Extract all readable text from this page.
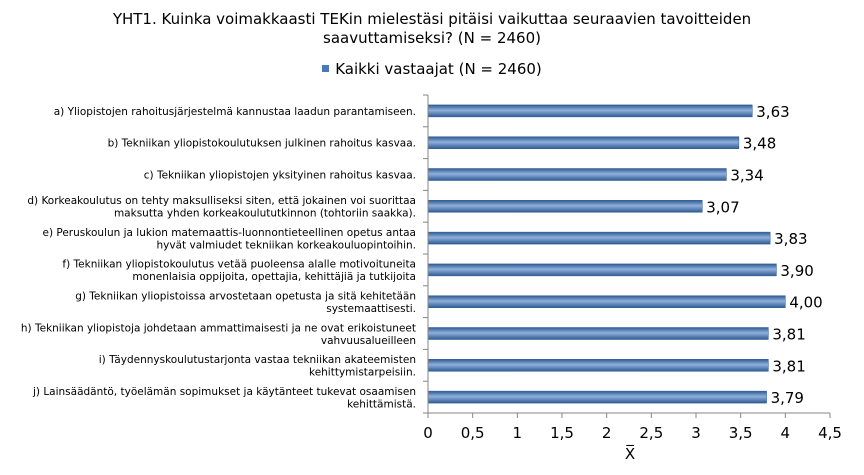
YHT1. Kuinka voimakkaasti TEKin mielestäsi pitäisi vaikuttaa seuraavien tavoitteiden
saavuttamiseksi? (N = 2460)
Kaikki vastaajat (N = 2460)
3,63
a) Yliopistojen rahoitusjärjestelmä kannustaa laadun parantamiseen.
3,48
b) Tekniikan yliopistokoulutuksen julkinen rahoitus kasvaa.
3,34
c) Tekniikan yliopistojen yksityinen rahoitus kasvaa.
3,07
d) Korkeakoulutus on tehty maksulliseksi siten, että jokainen voi suorittaa
maksutta yhden korkeakoulututkinnon (tohtoriin saakka).
3,83
e) Peruskoulun ja lukion matemaattis-luonnontieteellinen opetus antaa
hyvät valmiudet tekniikan korkeakouluopintoihin.
3,90
f) Tekniikan yliopistokoulutus vetää puoleensa alalle motivoituneita
monenlaisia oppijoita, opettajia, kehittäjiä ja tutkijoita
4,00
g) Tekniikan yliopistoissa arvostetaan opetusta ja sitä kehitetään
systemaattisesti.
3,81
h) Tekniikan yliopistoja johdetaan ammattimaisesti ja ne ovat erikoistuneet
vahvuusalueilleen
3,81
i) Täydennyskoulutustarjonta vastaa tekniikan akateemisten
kehittymistarpeisiin.
3,79
j) Lainsäädäntö, työelämän sopimukset ja käytänteet tukevat osaamisen
kehittämistä.
0 0,5 1 1,5 2 2,5 3 3,5 4 4,5
X̅
